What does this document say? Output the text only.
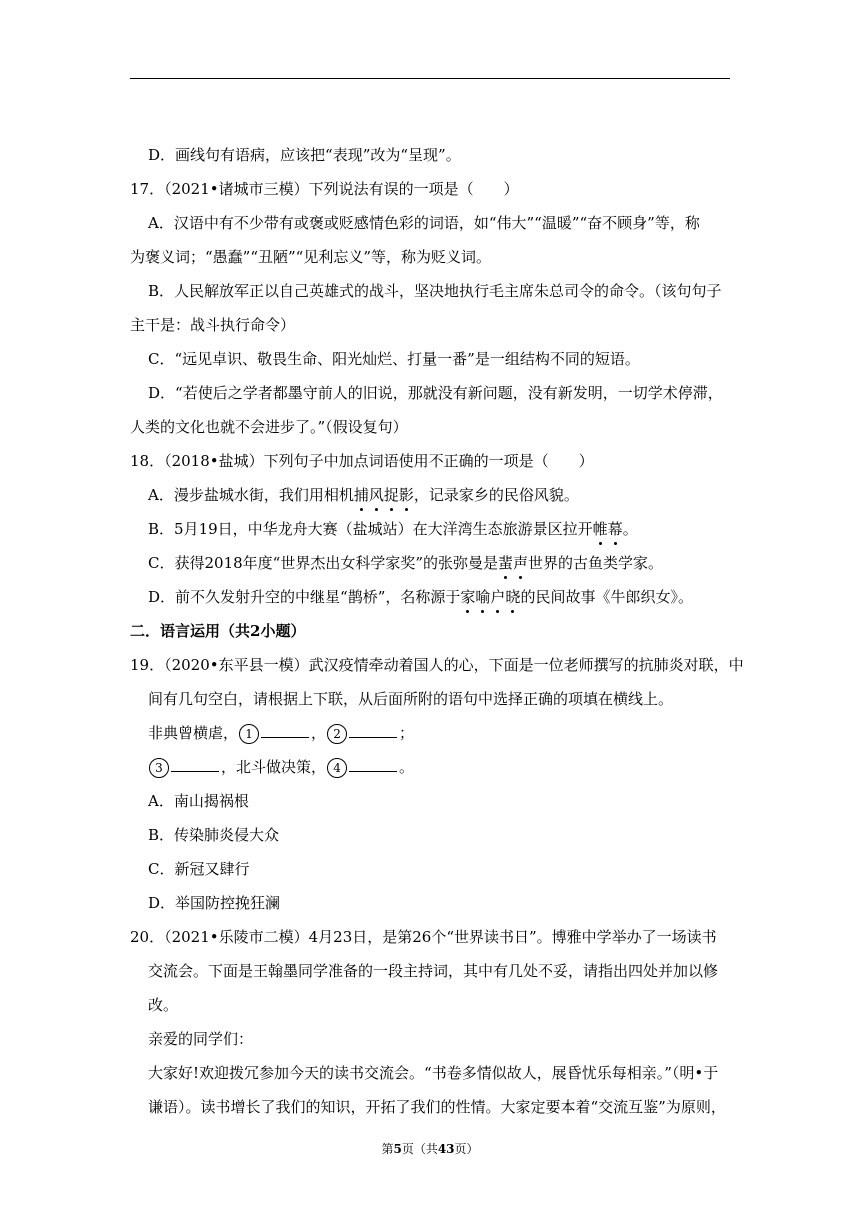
D．画线句有语病，应该把“表现”改为“呈现”。
17．（2021•诸城市三模）下列说法有误的一项是（　　）
A．汉语中有不少带有或褒或贬感情色彩的词语，如“伟大”“温暖”“奋不顾身”等，称
为褒义词；“愚蠢”“丑陋”“见利忘义”等，称为贬义词。
B．人民解放军正以自己英雄式的战斗，坚决地执行毛主席朱总司令的命令。（该句句子
主干是：战斗执行命令）
C．“远见卓识、敬畏生命、阳光灿烂、打量一番”是一组结构不同的短语。
D．“若使后之学者都墨守前人的旧说，那就没有新问题，没有新发明，一切学术停滞，
人类的文化也就不会进步了。”（假设复句）
18．（2018•盐城）下列句子中加点词语使用不正确的一项是（　　）
A．漫步盐城水街，我们用相机捕风捉影，记录家乡的民俗风貌。
B．5月19日，中华龙舟大赛（盐城站）在大洋湾生态旅游景区拉开帷幕。
C．获得2018年度“世界杰出女科学家奖”的张弥曼是蜚声世界的古鱼类学家。
D．前不久发射升空的中继星“鹊桥”，名称源于家喻户晓的民间故事《牛郎织女》。
二．语言运用（共2小题）
19．（2020•东平县一模）武汉疫情牵动着国人的心，下面是一位老师撰写的抗肺炎对联，中
间有几句空白，请根据上下联，从后面所附的语句中选择正确的项填在横线上。
非典曾横虐， 1	， 2	；
3	，北斗做决策， 4	。
A．南山揭祸根
B．传染肺炎侵大众
C．新冠又肆行
D．举国防控挽狂澜
20．（2021•乐陵市二模）4月23日，是第26个“世界读书日”。博雅中学举办了一场读书
交流会。下面是王翰墨同学准备的一段主持词，其中有几处不妥，请指出四处并加以修
改。
亲爱的同学们：
大家好!欢迎拨冗参加今天的读书交流会。“书卷多情似故人，展昏忧乐每相亲。”（明•于
谦语）。读书增长了我们的知识，开拓了我们的性情。大家定要本着“交流互鉴”为原则，
第5页（共43页）
